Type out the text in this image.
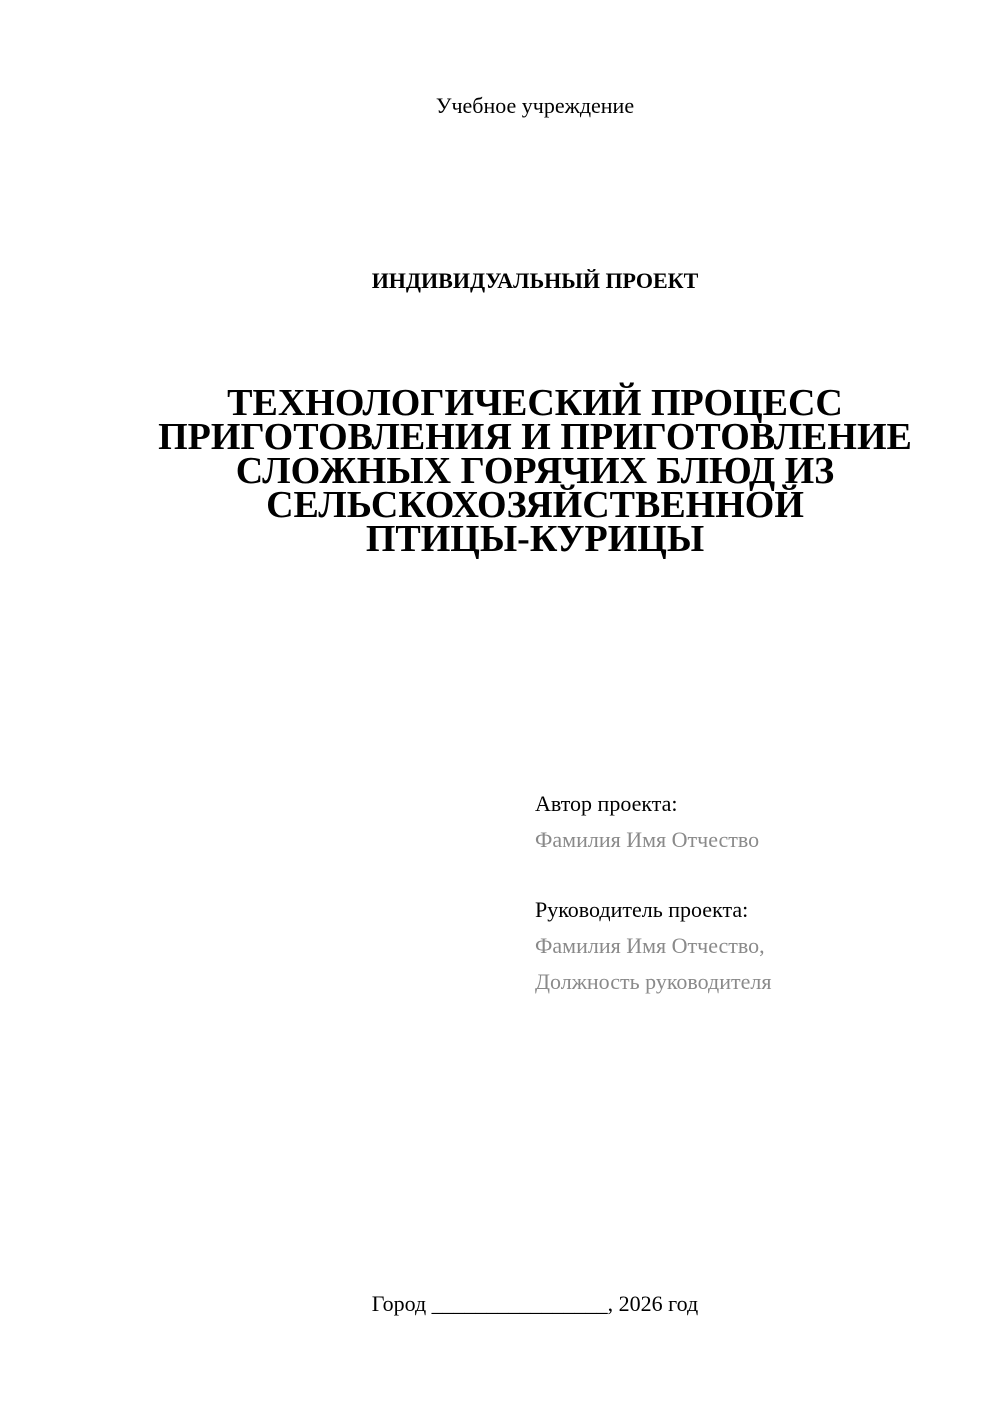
Учебное учреждение
ИНДИВИДУАЛЬНЫЙ ПРОЕКТ
ТЕХНОЛОГИЧЕСКИЙ ПРОЦЕСС
ПРИГОТОВЛЕНИЯ И ПРИГОТОВЛЕНИЕ
СЛОЖНЫХ ГОРЯЧИХ БЛЮД ИЗ
СЕЛЬСКОХОЗЯЙСТВЕННОЙ
ПТИЦЫ-КУРИЦЫ
Автор проекта:
Фамилия Имя Отчество
Руководитель проекта:
Фамилия Имя Отчество,
Должность руководителя
Город ________________, 2026 год
